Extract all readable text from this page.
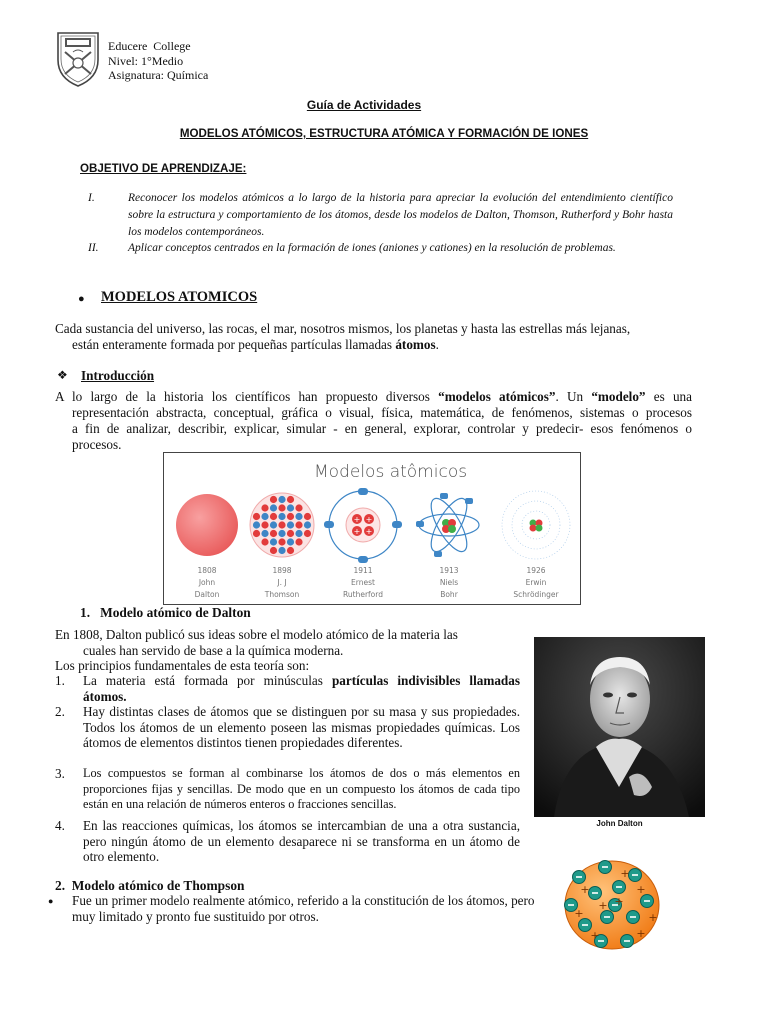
Educere  College
Nivel: 1°Medio
Asignatura: Química
Guía de Actividades
MODELOS ATÓMICOS, ESTRUCTURA ATÓMICA Y FORMACIÓN DE IONES
OBJETIVO DE APRENDIZAJE:
I.	Reconocer los modelos atómicos a lo largo de la historia para apreciar la evolución del entendimiento científico sobre la estructura y comportamiento de los átomos, desde los modelos de Dalton, Thomson, Rutherford y Bohr hasta los modelos contemporáneos.
II.	Aplicar conceptos centrados en la formación de iones (aniones y cationes) en la resolución de problemas.
● MODELOS ATOMICOS
Cada sustancia del universo, las rocas, el mar, nosotros mismos, los planetas y hasta las estrellas más lejanas,
están enteramente formada por pequeñas partículas llamadas átomos.
❖ Introducción
A lo largo de la historia los científicos han propuesto diversos “modelos atómicos”. Un “modelo” es una
representación abstracta, conceptual, gráfica o visual, física, matemática, de fenómenos, sistemas o procesos
a fin de analizar, describir, explicar, simular - en general, explorar, controlar y predecir- esos fenómenos o
procesos.
Modelos atômicos
+ +
+ +
1808
John
Dalton
1898
J. J
Thomson
1911
Ernest
Rutherford
1913
Niels
Bohr
1926
Erwin
Schrödinger
1.   Modelo atómico de Dalton
En 1808, Dalton publicó sus ideas sobre el modelo atómico de la materia las
cuales han servido de base a la química moderna.
Los principios fundamentales de esta teoría son:
1. La materia está formada por minúsculas partículas indivisibles llamadas átomos.
2. Hay distintas clases de átomos que se distinguen por su masa y sus propiedades. Todos los átomos de un elemento poseen las mismas propiedades químicas. Los átomos de elementos distintos tienen propiedades diferentes.
3. Los compuestos se forman al combinarse los átomos de dos o más elementos en proporciones fijas y sencillas. De modo que en un compuesto los átomos de cada tipo están en una relación de números enteros o fracciones sencillas.
4. En las reacciones químicas, los átomos se intercambian de una a otra sustancia, pero ningún átomo de un elemento desaparece ni se transforma en un átomo de otro elemento.
John Dalton
2.  Modelo atómico de Thompson
● Fue un primer modelo realmente atómico, referido a la constitución de los átomos, pero muy limitado y pronto fue sustituido por otros.
+
+
+
+
+
+
+	+
+
